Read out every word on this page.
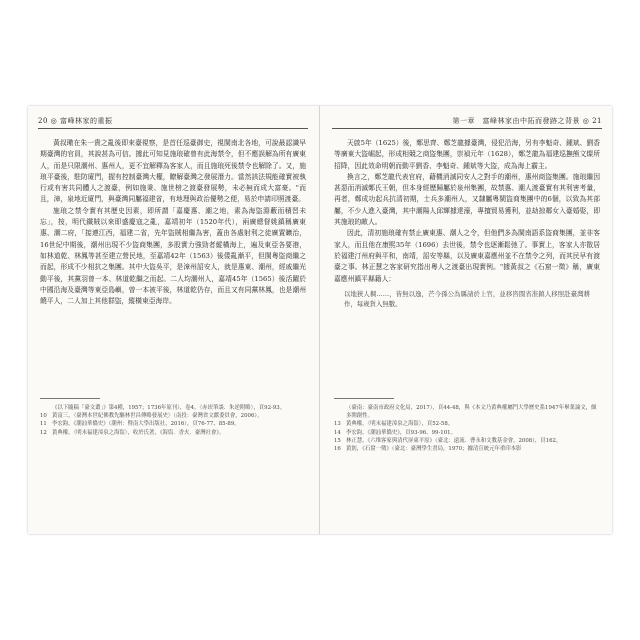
20 ◎ 富峰林家的重振

黃叔璥在朱一貴之亂後即來臺視察，是首任巡臺御史，視閩南北各地，可說最認識早期臺灣的官員，其說甚為可信。據此可知見施琅確曾有此海禁令，但不應誤解為所有廣東人，而是只限潮州、惠州人，更不宜解釋為客家人，而且施琅死後禁令也解除了。又，施琅平臺後，駐防廈門，握有控制臺灣大權，瞭解臺灣之發展潛力。當然該法規能確實被執行或有害共同體人之渡臺，例如施秉、施世榜之渡臺發展勢，未必無而成大富豪。"而且，漳，泉地近廈門，與臺灣同屬福建省，有地理與政治優勢之便，易於申請印照渡臺。

施琅之禁令實有其歷史因素，即所謂「嘉慶惠、潮之地，素為海盜淵藪而積習未忘」，按，明代鐵賊以來即盛慶寇之亂，嘉靖初年（1520年代），兩廣總督姚鎮稱廣東惠、潮二府，「接連江西，福建二省，先年盜賊相繼為害，蓋由各處射利之徒廣置曠治，16世紀中期後，潮州出現不少盜商集團，多股實力強勁者縱橫海上，遍及東亞各要港，如林道乾、林鳳等甚至建立營民地，至嘉靖42年（1563）後倭亂漸平，但閩粵盜商繼之而起，形成不少相抗之集團。其中大盜吳平，是漳州詔安人，就是惠東、潮州，經戚繼光動平後，其黨羽曾一本、林道乾繼之而起。二人均潮州人，嘉靖45年（1565）後活躍於中國沿海及臺灣等東亞島嶼，曾一本被平後，林道乾仍存，而且又有同黨林鳳，也是潮州饒平人，二人加上其他群盜，縱橫東亞海岸。

《以下隨稿「臺文叢」》第4種，1957；1736年原刊），卷4，〈赤崁筆談．朱逆附略〉，頁92-93。
10 黃富三，〈臺灣本世紀佛教先驅林世昌傳略發展史〉（南投：臺灣省文獻委員會，2006）。
11 李宏鈞，《潮汕華僑史》（潮州：暨南大學出版社，2016），頁76-77、85-89。
12 黃典權，〈明末福建漳泉之海盜〉，收於氏著，《海盜．香火．臺灣社會》。
第一章　富峰林家由中拓而發跡之背景 ◎ 21

天啟5年（1625）後，鄭思齊、鄭芝龍據臺灣，侵犯沿海，另有李魁奇、鍾斌、劉香等廣東大盜崛起，形成相競之商盜集團，崇禎元年（1628），鄭芝龍為福建巡撫熊文燦所招降，因此效命明朝而動平劉香、李魁奇、鍾斌等大盜，成為海上霸主。

換言之，鄭芝龍代表官府，藉機消滅同安人之對手的潮州，惠州商盜集團。施琅繼因甚惡而消滅鄭氏王朝，但本身經歷歸屬於泉州集團，故禁惠、潮人渡臺實有其利害考量，再者，鄭成功起兵抗清初期，士兵多潮州人，又隸屬粵閩盜商集團中的6個，以致為其部屬，不少人進入臺灣，其中潮陽人邱輝據達濠，專擅貿易獲利，並劫掠鄰女入臺婚娶，即其施琅的敵人。

因此，清初施琅確有禁止廣東惠、潮人之令，但他們多為閩南語系盜商集團，並非客家人，而且他在康熙35年（1696）去世後，禁令也逐漸鬆弛了。事實上，客家人亦散居於福建汀州府與平和，南靖，詔安等縣，以及廣東嘉應州並不在禁令之列，而其民早有渡臺之事。林正慧之客家研究指出粵人之渡臺出現實例。"據黃叔之《石窟一徵》稱，廣東嘉應州鎮平縣籍人：

以地狹人稠……，皆無以逸，芒今孫公為縣請於上官，並移咨閩省准鎮人移照赴臺灣耕作，每歲貨入無數。
（臺南：臺南市政府文化局，2017），頁44-48，與《本文乃黃典權屬門大學歷史系1947年畢業論文，頗多開創性。
13 黃典權，〈明末福建漳泉之海盜〉，頁52-58。
14 李宏鈞，《潮汕華僑史》，頁93-96、99-101。
15 林正慧，《六堆客家與清代屏東平原》（臺北：遠流．曹永和文教基金會，2008），頁162。
16 黃釗，《石窟一徵》（臺北：臺灣學生書局，1970；據清宣統元年重印本影
